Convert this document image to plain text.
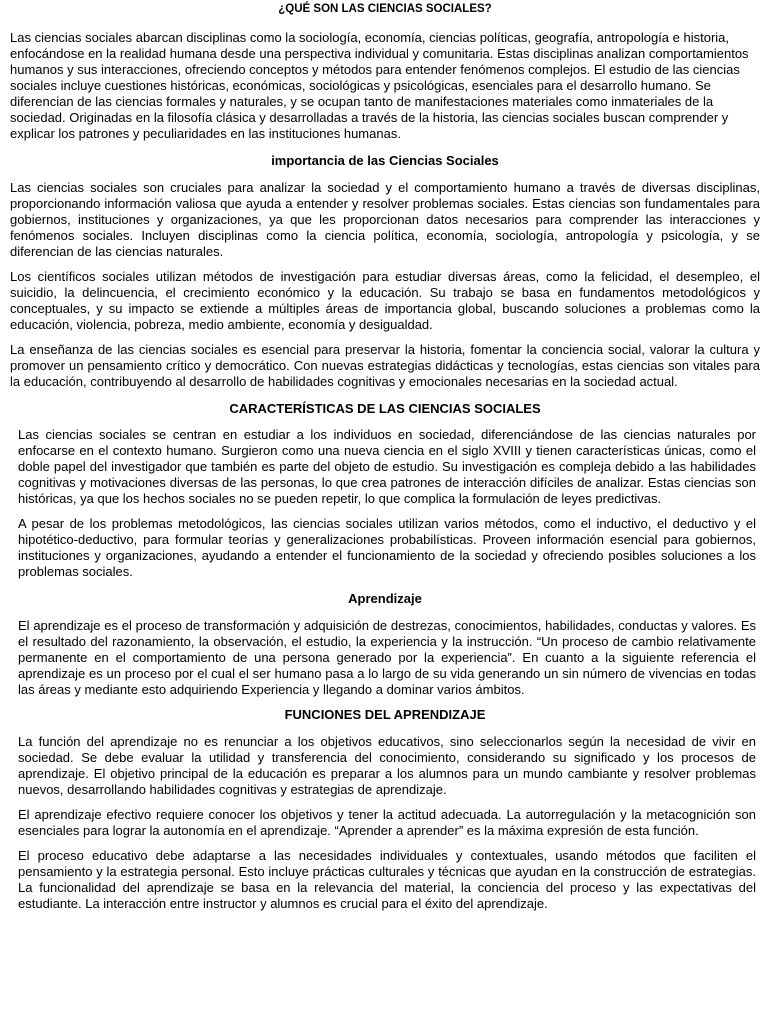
¿QUÉ SON LAS CIENCIAS SOCIALES?

Las ciencias sociales abarcan disciplinas como la sociología, economía, ciencias políticas, geografía, antropología e historia, enfocándose en la realidad humana desde una perspectiva individual y comunitaria. Estas disciplinas analizan comportamientos humanos y sus interacciones, ofreciendo conceptos y métodos para entender fenómenos complejos. El estudio de las ciencias sociales incluye cuestiones históricas, económicas, sociológicas y psicológicas, esenciales para el desarrollo humano. Se diferencian de las ciencias formales y naturales, y se ocupan tanto de manifestaciones materiales como inmateriales de la sociedad. Originadas en la filosofía clásica y desarrolladas a través de la historia, las ciencias sociales buscan comprender y explicar los patrones y peculiaridades en las instituciones humanas.

importancia de las Ciencias Sociales

Las ciencias sociales son cruciales para analizar la sociedad y el comportamiento humano a través de diversas disciplinas, proporcionando información valiosa que ayuda a entender y resolver problemas sociales. Estas ciencias son fundamentales para gobiernos, instituciones y organizaciones, ya que les proporcionan datos necesarios para comprender las interacciones y fenómenos sociales. Incluyen disciplinas como la ciencia política, economía, sociología, antropología y psicología, y se diferencian de las ciencias naturales.

Los científicos sociales utilizan métodos de investigación para estudiar diversas áreas, como la felicidad, el desempleo, el suicidio, la delincuencia, el crecimiento económico y la educación. Su trabajo se basa en fundamentos metodológicos y conceptuales, y su impacto se extiende a múltiples áreas de importancia global, buscando soluciones a problemas como la educación, violencia, pobreza, medio ambiente, economía y desigualdad.

La enseñanza de las ciencias sociales es esencial para preservar la historia, fomentar la conciencia social, valorar la cultura y promover un pensamiento crítico y democrático. Con nuevas estrategias didácticas y tecnologías, estas ciencias son vitales para la educación, contribuyendo al desarrollo de habilidades cognitivas y emocionales necesarias en la sociedad actual.

CARACTERÍSTICAS DE LAS CIENCIAS SOCIALES

Las ciencias sociales se centran en estudiar a los individuos en sociedad, diferenciándose de las ciencias naturales por enfocarse en el contexto humano. Surgieron como una nueva ciencia en el siglo XVIII y tienen características únicas, como el doble papel del investigador que también es parte del objeto de estudio. Su investigación es compleja debido a las habilidades cognitivas y motivaciones diversas de las personas, lo que crea patrones de interacción difíciles de analizar. Estas ciencias son históricas, ya que los hechos sociales no se pueden repetir, lo que complica la formulación de leyes predictivas.

A pesar de los problemas metodológicos, las ciencias sociales utilizan varios métodos, como el inductivo, el deductivo y el hipotético-deductivo, para formular teorías y generalizaciones probabilísticas. Proveen información esencial para gobiernos, instituciones y organizaciones, ayudando a entender el funcionamiento de la sociedad y ofreciendo posibles soluciones a los problemas sociales.

Aprendizaje

El aprendizaje es el proceso de transformación y adquisición de destrezas, conocimientos, habilidades, conductas y valores. Es el resultado del razonamiento, la observación, el estudio, la experiencia y la instrucción. “Un proceso de cambio relativamente permanente en el comportamiento de una persona generado por la experiencia”. En cuanto a la siguiente referencia el aprendizaje es un proceso por el cual el ser humano pasa a lo largo de su vida generando un sin número de vivencias en todas las áreas y mediante esto adquiriendo Experiencia y llegando a dominar varios ámbitos.

FUNCIONES DEL APRENDIZAJE

La función del aprendizaje no es renunciar a los objetivos educativos, sino seleccionarlos según la necesidad de vivir en sociedad. Se debe evaluar la utilidad y transferencia del conocimiento, considerando su significado y los procesos de aprendizaje. El objetivo principal de la educación es preparar a los alumnos para un mundo cambiante y resolver problemas nuevos, desarrollando habilidades cognitivas y estrategias de aprendizaje.

El aprendizaje efectivo requiere conocer los objetivos y tener la actitud adecuada. La autorregulación y la metacognición son esenciales para lograr la autonomía en el aprendizaje. “Aprender a aprender” es la máxima expresión de esta función.

El proceso educativo debe adaptarse a las necesidades individuales y contextuales, usando métodos que faciliten el pensamiento y la estrategia personal. Esto incluye prácticas culturales y técnicas que ayudan en la construcción de estrategias. La funcionalidad del aprendizaje se basa en la relevancia del material, la conciencia del proceso y las expectativas del estudiante. La interacción entre instructor y alumnos es crucial para el éxito del aprendizaje.
